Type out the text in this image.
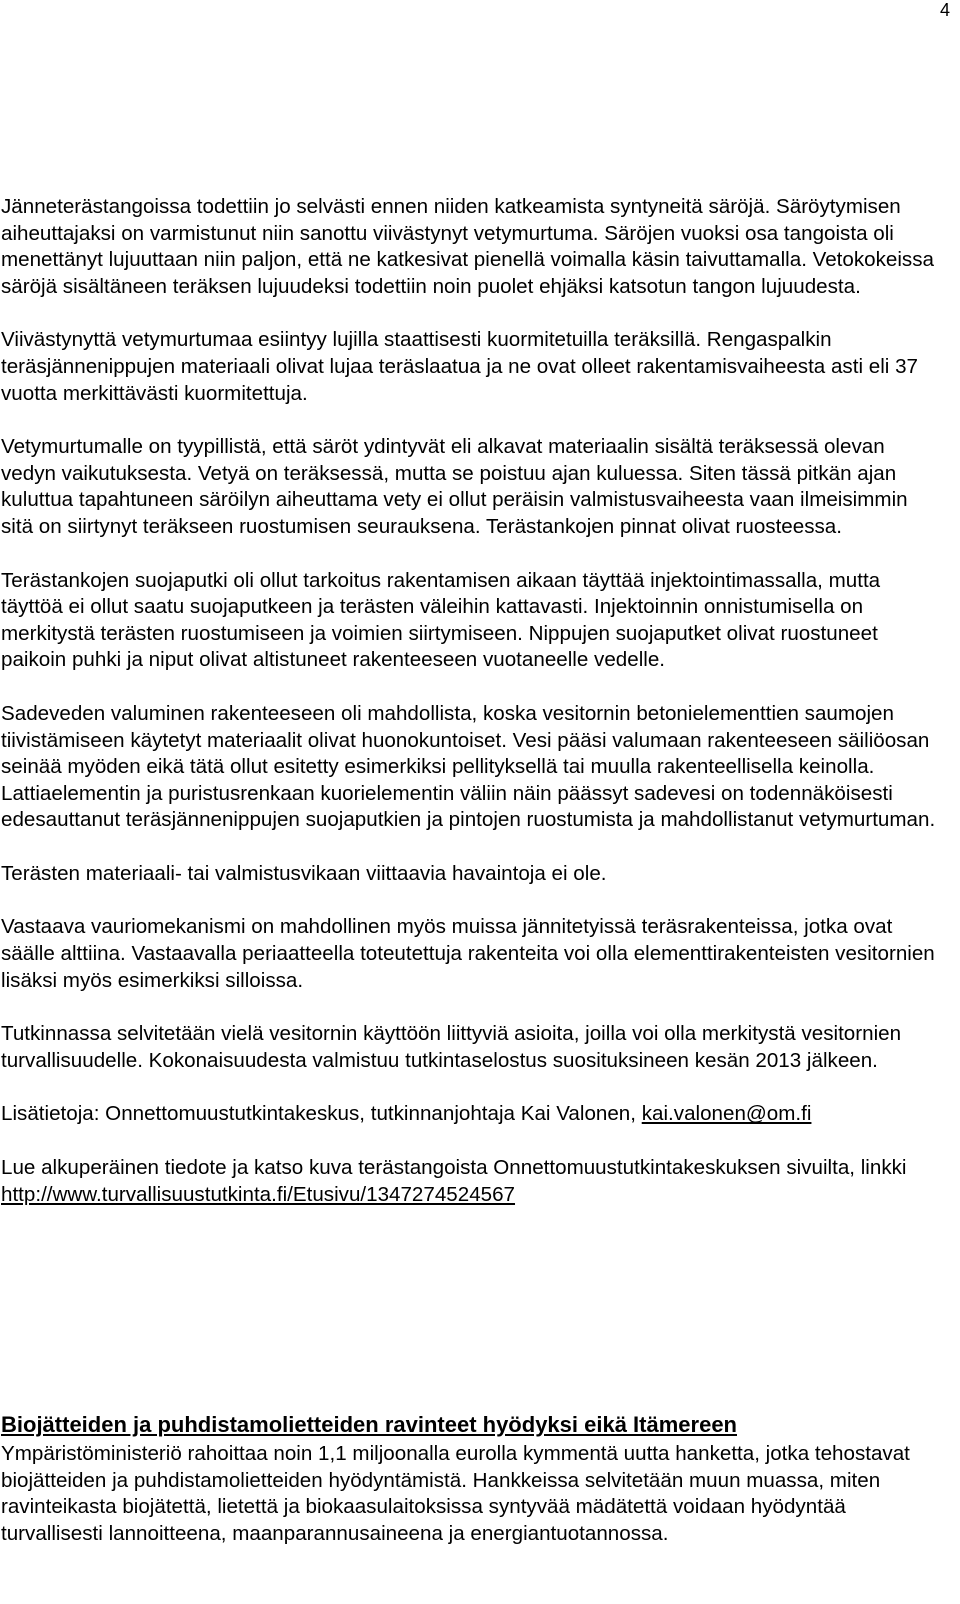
4

Jänneterästangoissa todettiin jo selvästi ennen niiden katkeamista syntyneitä säröjä. Säröytymisen aiheuttajaksi on varmistunut niin sanottu viivästynyt vetymurtuma. Säröjen vuoksi osa tangoista oli menettänyt lujuuttaan niin paljon, että ne katkesivat pienellä voimalla käsin taivuttamalla. Vetokokeissa säröjä sisältäneen teräksen lujuudeksi todettiin noin puolet ehjäksi katsotun tangon lujuudesta.

Viivästynyttä vetymurtumaa esiintyy lujilla staattisesti kuormitetuilla teräksillä. Rengaspalkin teräsjännenippujen materiaali olivat lujaa teräslaatua ja ne ovat olleet rakentamisvaiheesta asti eli 37 vuotta merkittävästi kuormitettuja.

Vetymurtumalle on tyypillistä, että säröt ydintyvät eli alkavat materiaalin sisältä teräksessä olevan vedyn vaikutuksesta. Vetyä on teräksessä, mutta se poistuu ajan kuluessa. Siten tässä pitkän ajan kuluttua tapahtuneen säröilyn aiheuttama vety ei ollut peräisin valmistusvaiheesta vaan ilmeisimmin sitä on siirtynyt teräkseen ruostumisen seurauksena. Terästankojen pinnat olivat ruosteessa.

Terästankojen suojaputki oli ollut tarkoitus rakentamisen aikaan täyttää injektointimassalla, mutta täyttöä ei ollut saatu suojaputkeen ja terästen väleihin kattavasti. Injektoinnin onnistumisella on merkitystä terästen ruostumiseen ja voimien siirtymiseen. Nippujen suojaputket olivat ruostuneet paikoin puhki ja niput olivat altistuneet rakenteeseen vuotaneelle vedelle.

Sadeveden valuminen rakenteeseen oli mahdollista, koska vesitornin betonielementtien saumojen tiivistämiseen käytetyt materiaalit olivat huonokuntoiset. Vesi pääsi valumaan rakenteeseen säiliöosan seinää myöden eikä tätä ollut esitetty esimerkiksi pellityksellä tai muulla rakenteellisella keinolla. Lattiaelementin ja puristusrenkaan kuorielementin väliin näin päässyt sadevesi on todennäköisesti edesauttanut teräsjännenippujen suojaputkien ja pintojen ruostumista ja mahdollistanut vetymurtuman.

Terästen materiaali- tai valmistusvikaan viittaavia havaintoja ei ole.

Vastaava vauriomekanismi on mahdollinen myös muissa jännitetyissä teräsrakenteissa, jotka ovat säälle alttiina. Vastaavalla periaatteella toteutettuja rakenteita voi olla elementtirakenteisten vesitornien lisäksi myös esimerkiksi silloissa.

Tutkinnassa selvitetään vielä vesitornin käyttöön liittyviä asioita, joilla voi olla merkitystä vesitornien turvallisuudelle. Kokonaisuudesta valmistuu tutkintaselostus suosituksineen kesän 2013 jälkeen.

Lisätietoja: Onnettomuustutkintakeskus, tutkinnanjohtaja Kai Valonen, kai.valonen@om.fi

Lue alkuperäinen tiedote ja katso kuva terästangoista Onnettomuustutkintakeskuksen sivuilta, linkki
http://www.turvallisuustutkinta.fi/Etusivu/1347274524567

Biojätteiden ja puhdistamolietteiden ravinteet hyödyksi eikä Itämereen

Ympäristöministeriö rahoittaa noin 1,1 miljoonalla eurolla kymmentä uutta hanketta, jotka tehostavat biojätteiden ja puhdistamolietteiden hyödyntämistä. Hankkeissa selvitetään muun muassa, miten ravinteikasta biojätettä, lietettä ja biokaasulaitoksissa syntyvää mädätettä voidaan hyödyntää turvallisesti lannoitteena, maanparannusaineena ja energiantuotannossa.
